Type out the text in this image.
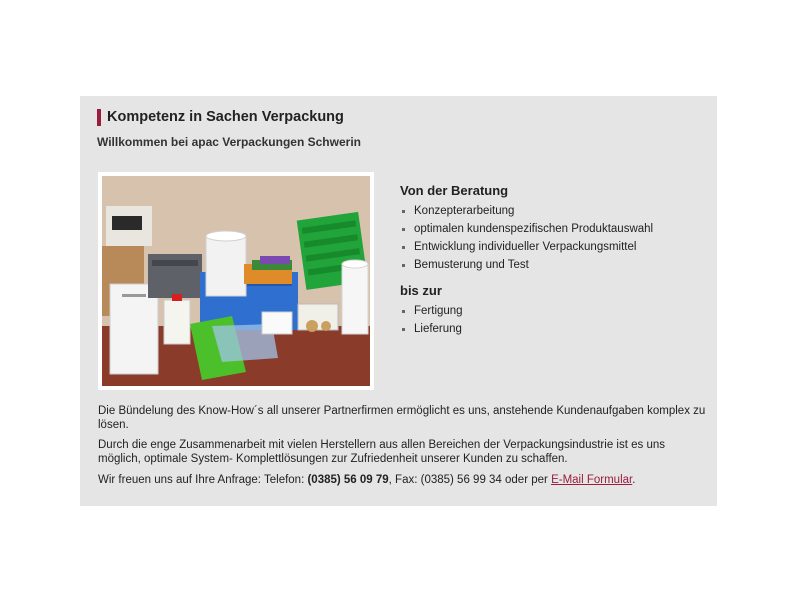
Kompetenz in Sachen Verpackung
Willkommen bei apac Verpackungen Schwerin
Von der Beratung
Konzepterarbeitung
optimalen kundenspezifischen Produktauswahl
Entwicklung individueller Verpackungsmittel
Bemusterung und Test
bis zur
Fertigung
Lieferung
Die Bündelung des Know-How´s all unserer Partnerfirmen ermöglicht es uns, anstehende Kundenaufgaben komplex zu lösen.
Durch die enge Zusammenarbeit mit vielen Herstellern aus allen Bereichen der Verpackungsindustrie ist es uns möglich, optimale System- Komplettlösungen zur Zufriedenheit unserer Kunden zu schaffen.
Wir freuen uns auf Ihre Anfrage: Telefon: (0385) 56 09 79, Fax: (0385) 56 99 34 oder per E-Mail Formular.
